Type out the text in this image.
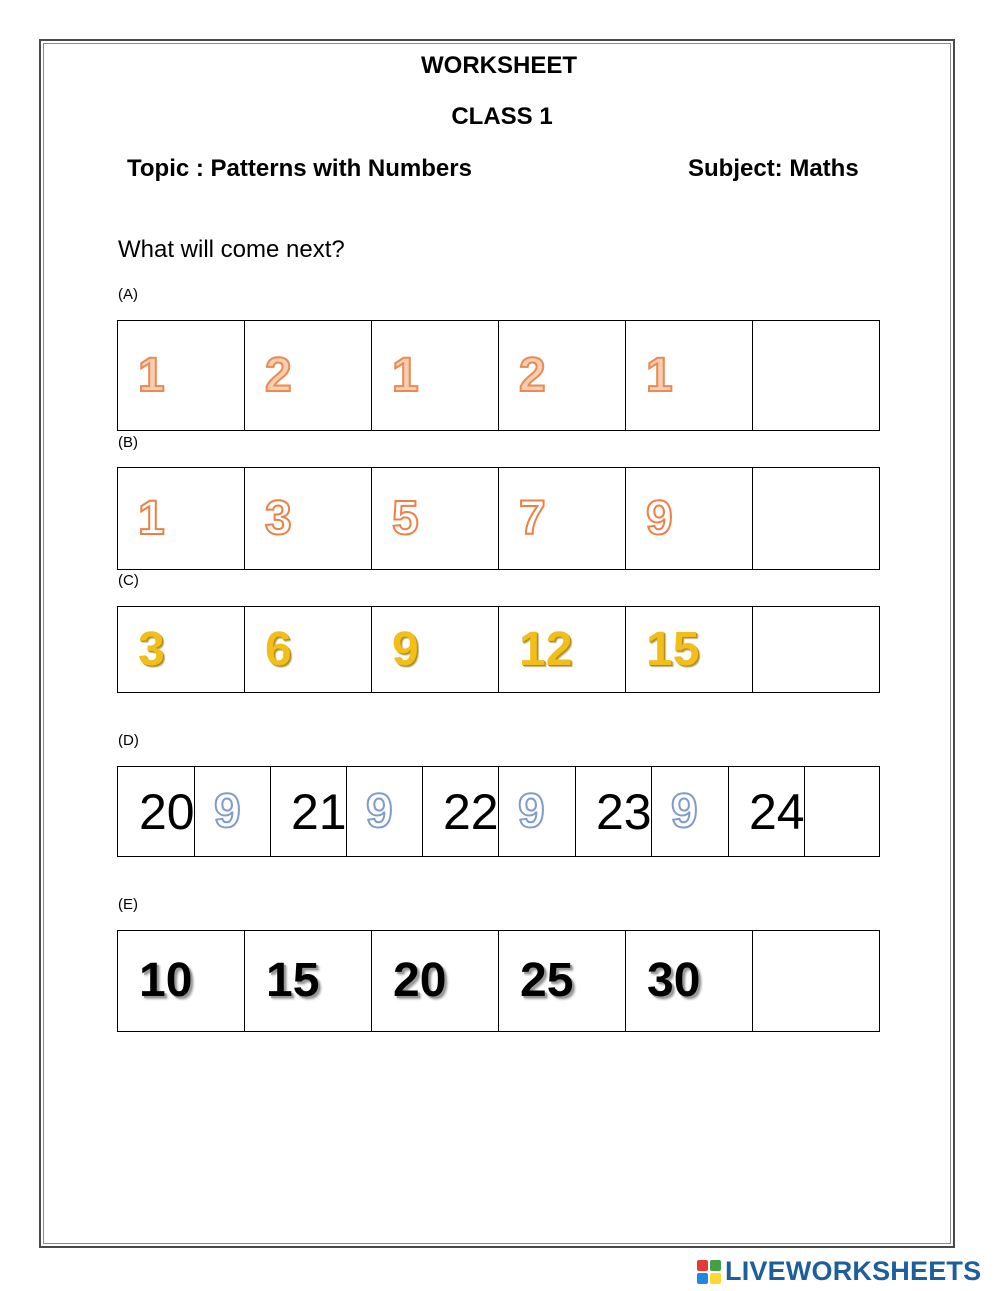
WORKSHEET
CLASS 1
Topic : Patterns with Numbers	Subject: Maths
What will come next?
(A)
1 2 1 2 1
(B)
1 3 5 7 9
(C)
3 6 9 12 15
(D)
20 9 21 9 22 9 23 9 24
(E)
10 15 20 25 30
LIVEWORKSHEETS
